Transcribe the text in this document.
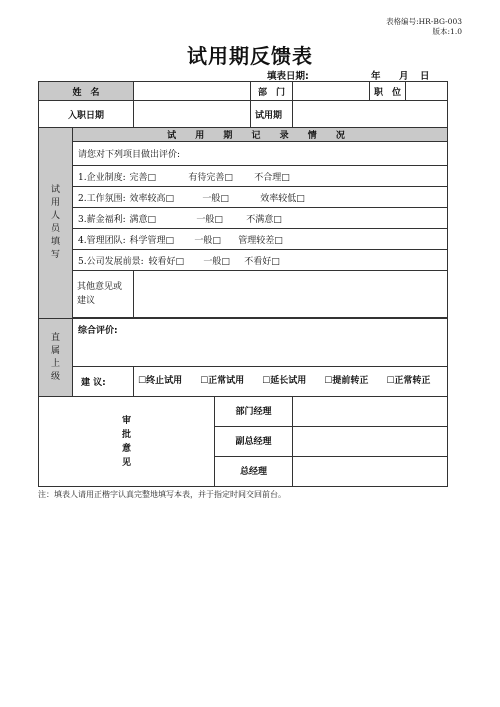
表格编号:HR-BG-003
版本:1.0
试用期反馈表
填表日期:	年 月 日
姓　名				部　门		职　位	
入职日期				试用期			
试用人员填写	试 用 期 记 录 情 况						
	请您对下列项目做出评价:						
	1.企业制度: 完善□ 有待完善□ 不合理□						
	2.工作氛围: 效率较高□ 一般□ 效率较低□						
	3.薪金福利: 满意□ 一般□ 不满意□						
	4.管理团队: 科学管理□ 一般□ 管理较差□						
	5.公司发展前景: 较看好□ 一般□ 不看好□						
	其他意见或建议						

直属上级	综合评价:						
	建 议:	☐终止试用 ☐正常试用 ☐延长试用 ☐提前转正 ☐正常转正					
审批意见			部门经理				
			副总经理				
			总经理				
注：填表人请用正楷字认真完整地填写本表，并于指定时间交回前台。
